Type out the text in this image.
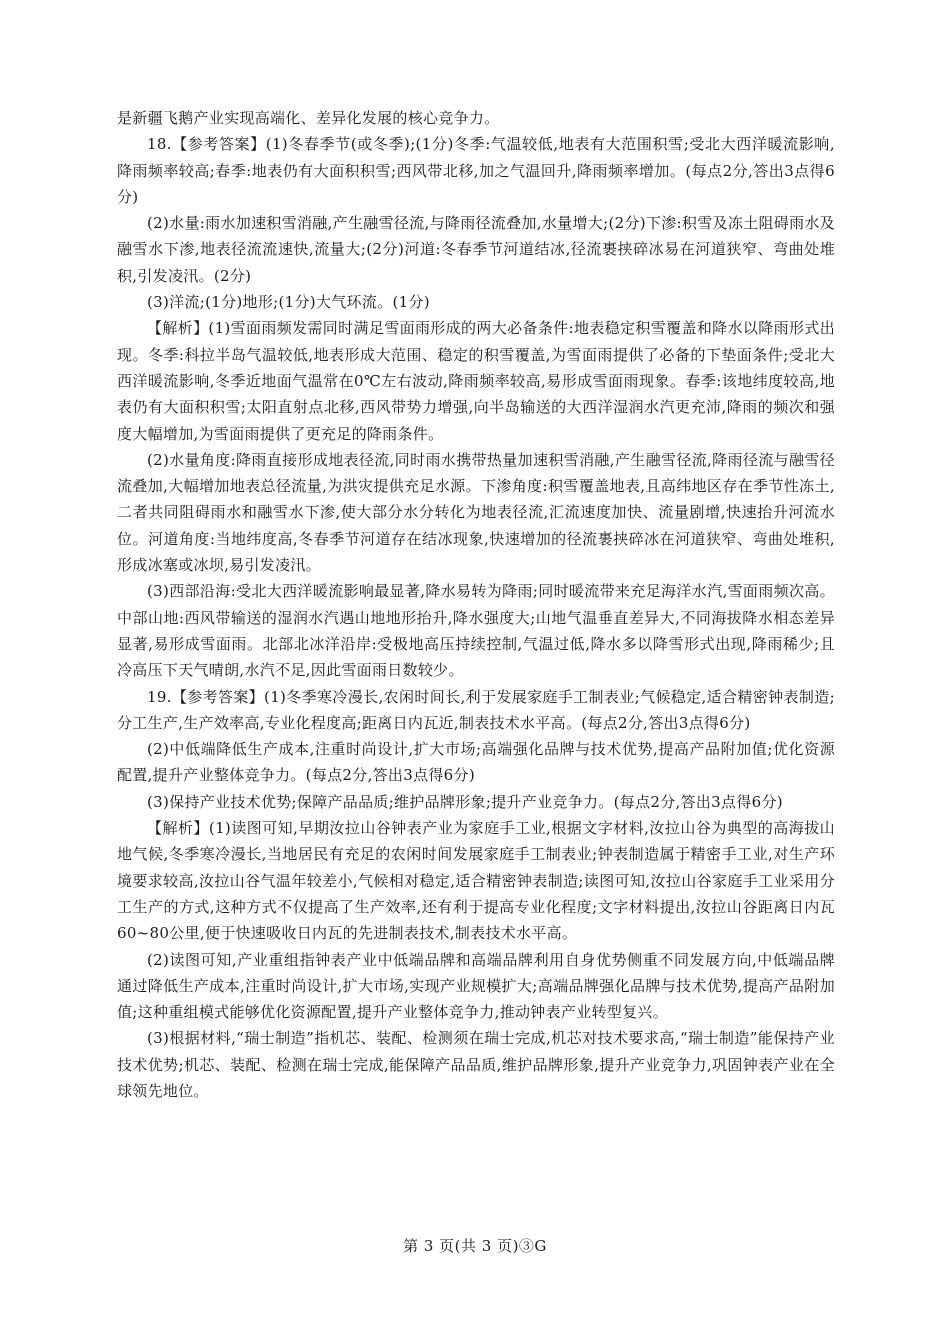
是新疆飞鹅产业实现高端化、差异化发展的核心竞争力。

18.【参考答案】(1)冬春季节(或冬季);(1分)冬季:气温较低,地表有大范围积雪;受北大西洋暖流影响,降雨频率较高;春季:地表仍有大面积积雪;西风带北移,加之气温回升,降雨频率增加。(每点2分,答出3点得6分)

(2)水量:雨水加速积雪消融,产生融雪径流,与降雨径流叠加,水量增大;(2分)下渗:积雪及冻土阻碍雨水及融雪水下渗,地表径流流速快,流量大;(2分)河道:冬春季节河道结冰,径流裹挟碎冰易在河道狭窄、弯曲处堆积,引发凌汛。(2分)

(3)洋流;(1分)地形;(1分)大气环流。(1分)

【解析】(1)雪面雨频发需同时满足雪面雨形成的两大必备条件:地表稳定积雪覆盖和降水以降雨形式出现。冬季:科拉半岛气温较低,地表形成大范围、稳定的积雪覆盖,为雪面雨提供了必备的下垫面条件;受北大西洋暖流影响,冬季近地面气温常在0℃左右波动,降雨频率较高,易形成雪面雨现象。春季:该地纬度较高,地表仍有大面积积雪;太阳直射点北移,西风带势力增强,向半岛输送的大西洋湿润水汽更充沛,降雨的频次和强度大幅增加,为雪面雨提供了更充足的降雨条件。

(2)水量角度:降雨直接形成地表径流,同时雨水携带热量加速积雪消融,产生融雪径流,降雨径流与融雪径流叠加,大幅增加地表总径流量,为洪灾提供充足水源。下渗角度:积雪覆盖地表,且高纬地区存在季节性冻土,二者共同阻碍雨水和融雪水下渗,使大部分水分转化为地表径流,汇流速度加快、流量剧增,快速抬升河流水位。河道角度:当地纬度高,冬春季节河道存在结冰现象,快速增加的径流裹挟碎冰在河道狭窄、弯曲处堆积,形成冰塞或冰坝,易引发凌汛。

(3)西部沿海:受北大西洋暖流影响最显著,降水易转为降雨;同时暖流带来充足海洋水汽,雪面雨频次高。中部山地:西风带输送的湿润水汽遇山地地形抬升,降水强度大;山地气温垂直差异大,不同海拔降水相态差异显著,易形成雪面雨。北部北冰洋沿岸:受极地高压持续控制,气温过低,降水多以降雪形式出现,降雨稀少;且冷高压下天气晴朗,水汽不足,因此雪面雨日数较少。

19.【参考答案】(1)冬季寒冷漫长,农闲时间长,利于发展家庭手工制表业;气候稳定,适合精密钟表制造;分工生产,生产效率高,专业化程度高;距离日内瓦近,制表技术水平高。(每点2分,答出3点得6分)

(2)中低端降低生产成本,注重时尚设计,扩大市场;高端强化品牌与技术优势,提高产品附加值;优化资源配置,提升产业整体竞争力。(每点2分,答出3点得6分)

(3)保持产业技术优势;保障产品品质;维护品牌形象;提升产业竞争力。(每点2分,答出3点得6分)

【解析】(1)读图可知,早期汝拉山谷钟表产业为家庭手工业,根据文字材料,汝拉山谷为典型的高海拔山地气候,冬季寒冷漫长,当地居民有充足的农闲时间发展家庭手工制表业;钟表制造属于精密手工业,对生产环境要求较高,汝拉山谷气温年较差小,气候相对稳定,适合精密钟表制造;读图可知,汝拉山谷家庭手工业采用分工生产的方式,这种方式不仅提高了生产效率,还有利于提高专业化程度;文字材料提出,汝拉山谷距离日内瓦60~80公里,便于快速吸收日内瓦的先进制表技术,制表技术水平高。

(2)读图可知,产业重组指钟表产业中低端品牌和高端品牌利用自身优势侧重不同发展方向,中低端品牌通过降低生产成本,注重时尚设计,扩大市场,实现产业规模扩大;高端品牌强化品牌与技术优势,提高产品附加值;这种重组模式能够优化资源配置,提升产业整体竞争力,推动钟表产业转型复兴。

(3)根据材料,“瑞士制造”指机芯、装配、检测须在瑞士完成,机芯对技术要求高,“瑞士制造”能保持产业技术优势;机芯、装配、检测在瑞士完成,能保障产品品质,维护品牌形象,提升产业竞争力,巩固钟表产业在全球领先地位。

第 3 页(共 3 页)③G
